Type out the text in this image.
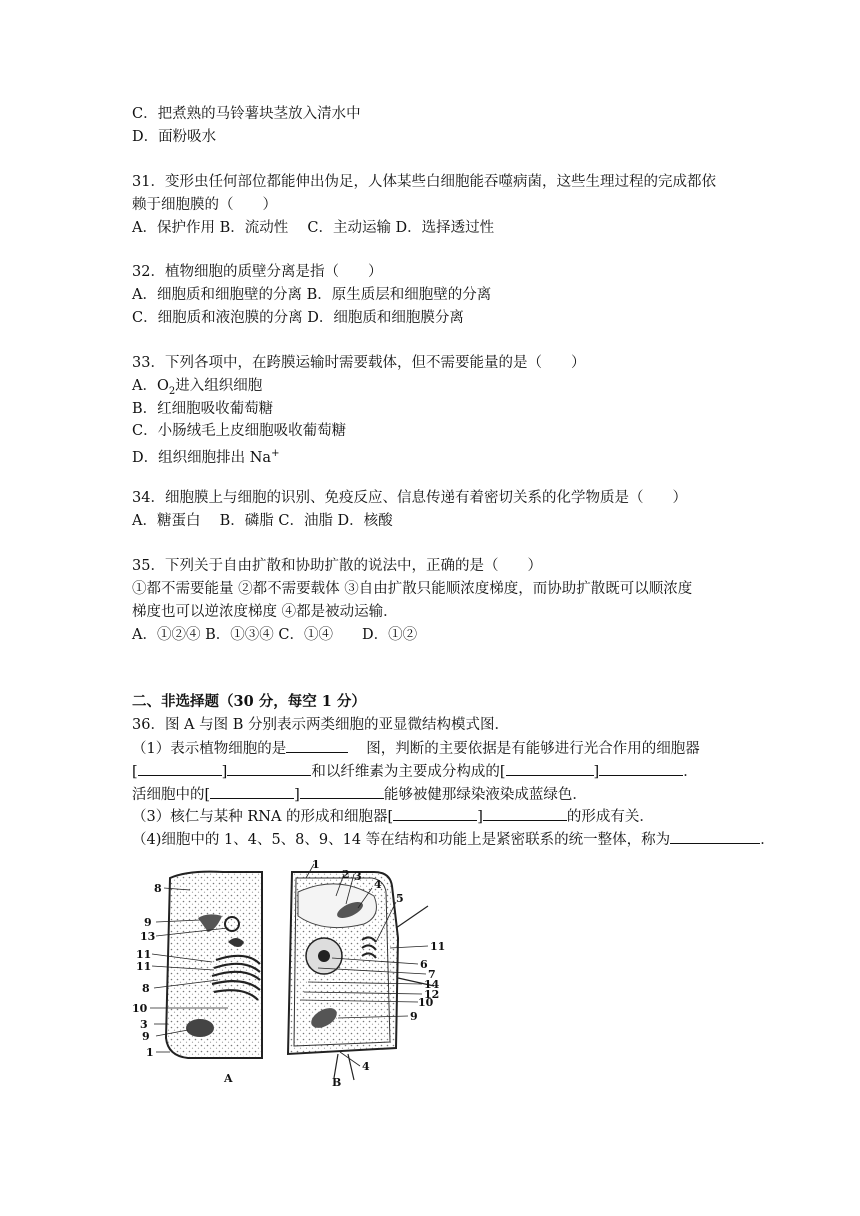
C．把煮熟的马铃薯块茎放入清水中
D．面粉吸水
31．变形虫任何部位都能伸出伪足，人体某些白细胞能吞噬病菌，这些生理过程的完成都依
赖于细胞膜的（　　）
A．保护作用 B．流动性　 C．主动运输 D．选择透过性
32．植物细胞的质壁分离是指（　　）
A．细胞质和细胞壁的分离 B．原生质层和细胞壁的分离
C．细胞质和液泡膜的分离 D．细胞质和细胞膜分离
33．下列各项中，在跨膜运输时需要载体，但不需要能量的是（　　）
A．$O_2$进入组织细胞
B．红细胞吸收葡萄糖
C．小肠绒毛上皮细胞吸收葡萄糖
D．组织细胞排出 Na+
34．细胞膜上与细胞的识别、免疫反应、信息传递有着密切关系的化学物质是（　　）
A．糖蛋白　 B．磷脂 C．油脂 D．核酸
35．下列关于自由扩散和协助扩散的说法中，正确的是（　　）
①都不需要能量 ②都不需要载体 ③自由扩散只能顺浓度梯度，而协助扩散既可以顺浓度
梯度也可以逆浓度梯度 ④都是被动运输．
A．①②④ B．①③④ C．①④　　D．①②
二、非选择题（30 分，每空 1 分）
36．图 A 与图 B 分别表示两类细胞的亚显微结构模式图．
（1）表示植物细胞的是	图，判断的主要依据是有能够进行光合作用的细胞器
[	]	和以纤维素为主要成分构成的[	]	．
活细胞中的[	]	能够被健那绿染液染成蓝绿色．
（3）核仁与某种 RNA 的形成和细胞器[	]	的形成有关．
（4)细胞中的 1、4、5、8、9、14 等在结构和功能上是紧密联系的统一整体，称为	．
8
9
13
11
11
8
10
3
9
1
A
1
2 3
4
5
11
6
7
14
12
10
9
4
B
